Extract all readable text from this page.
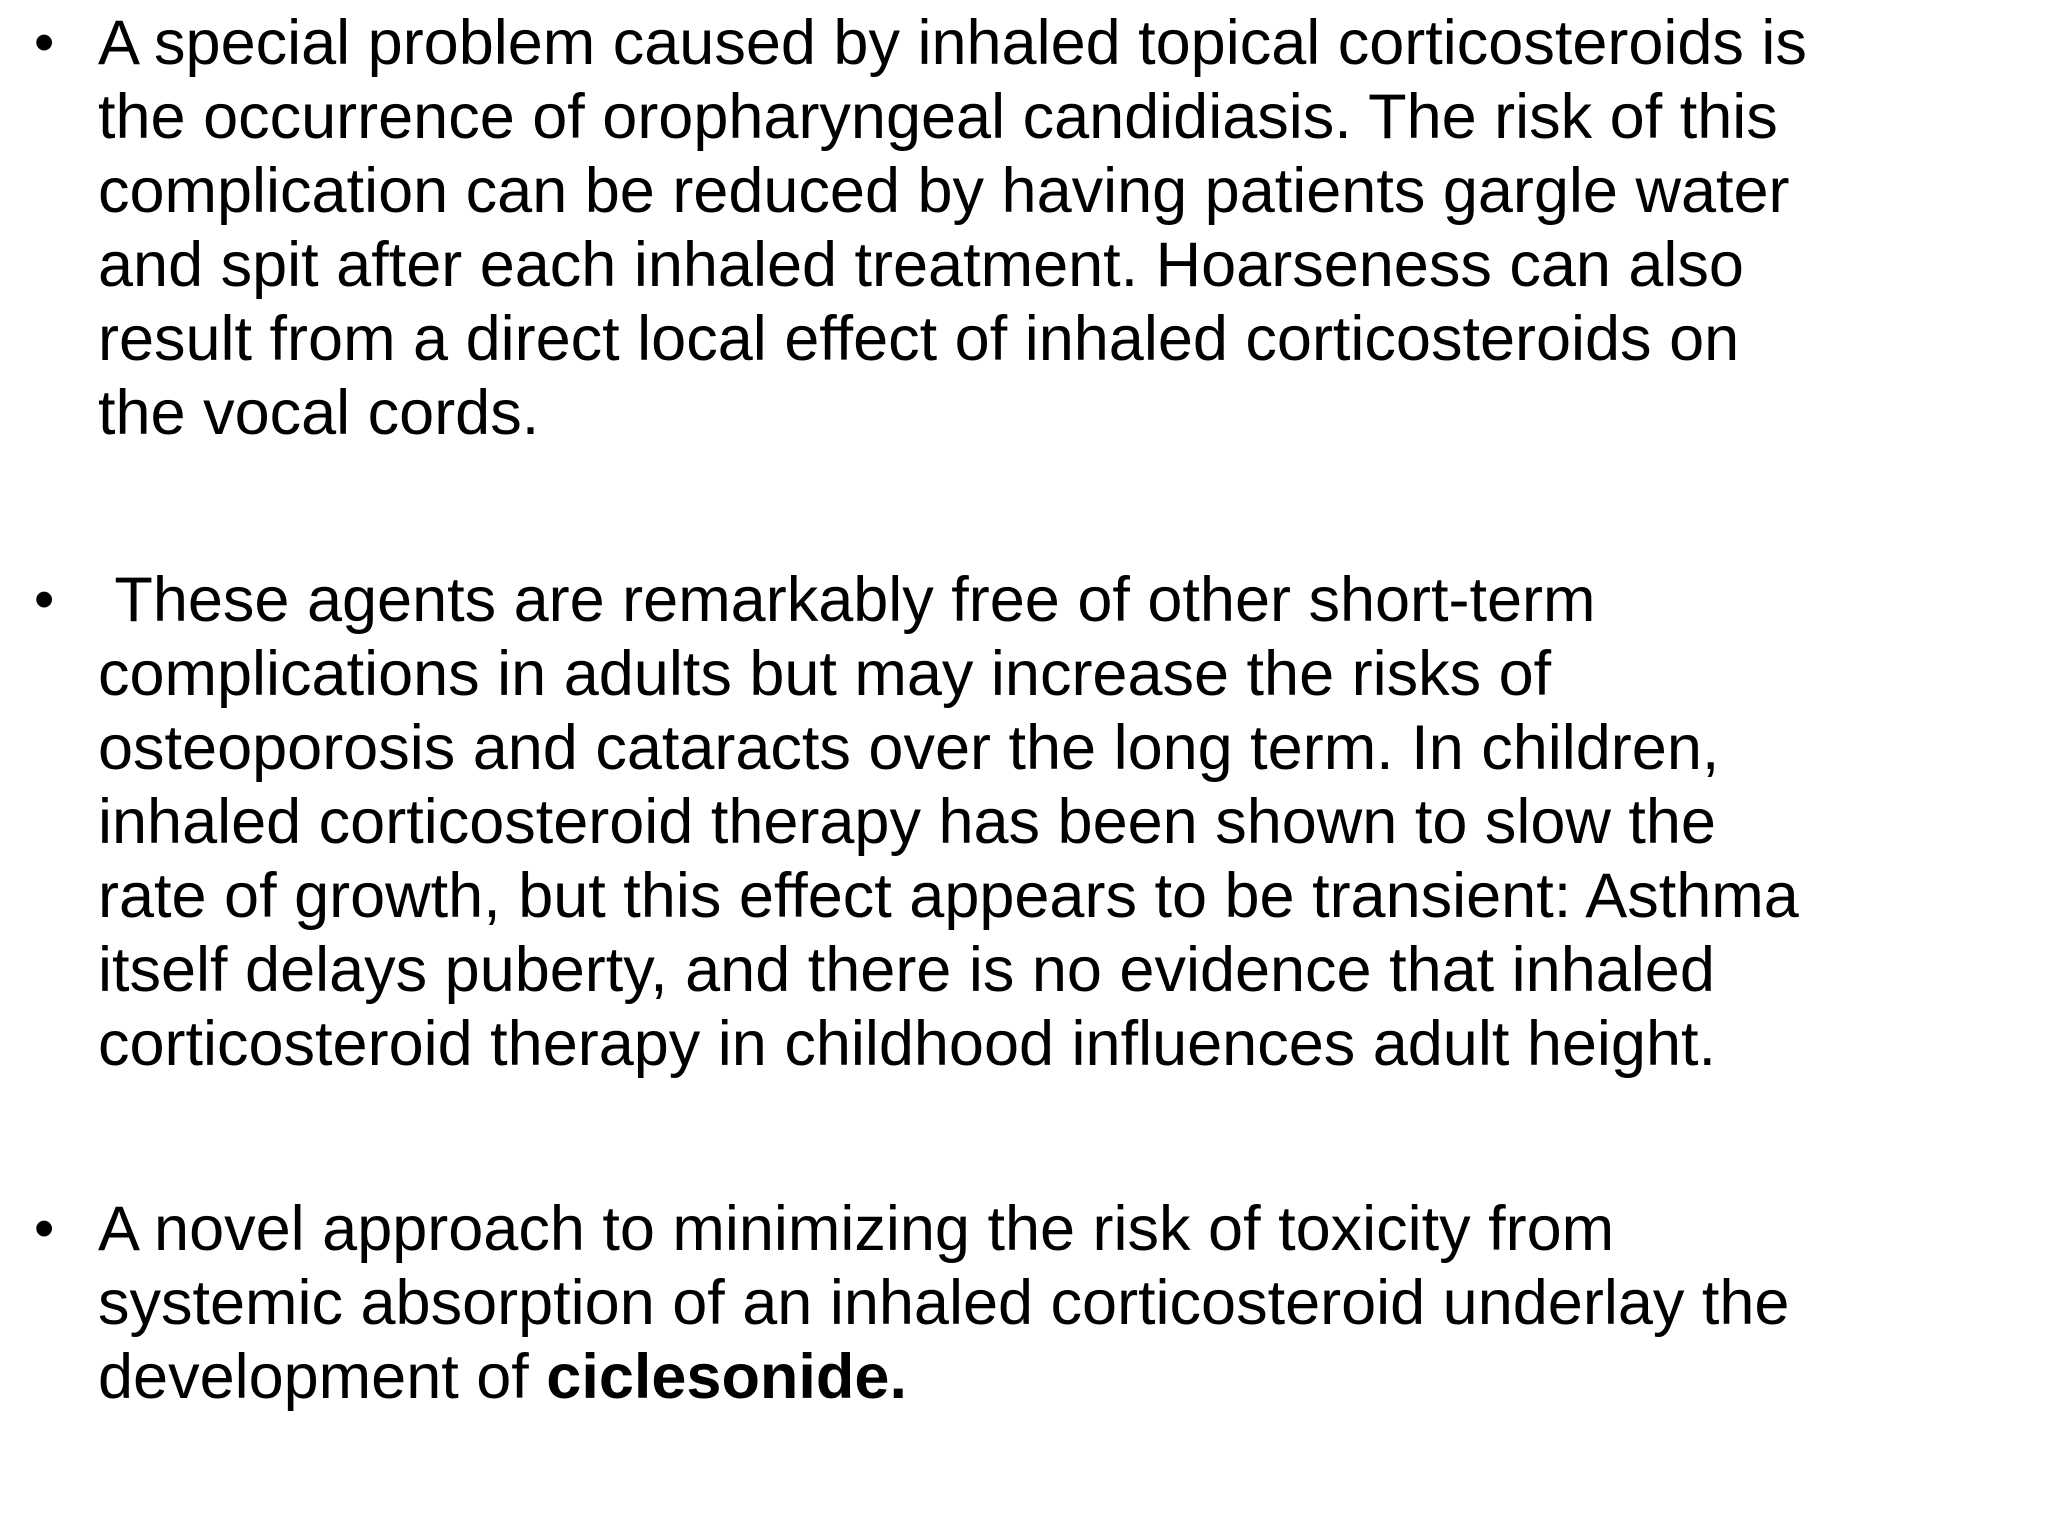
• A special problem caused by inhaled topical corticosteroids is
the occurrence of oropharyngeal candidiasis. The risk of this
complication can be reduced by having patients gargle water
and spit after each inhaled treatment. Hoarseness can also
result from a direct local effect of inhaled corticosteroids on
the vocal cords.
• These agents are remarkably free of other short-term
complications in adults but may increase the risks of
osteoporosis and cataracts over the long term. In children,
inhaled corticosteroid therapy has been shown to slow the
rate of growth, but this effect appears to be transient: Asthma
itself delays puberty, and there is no evidence that inhaled
corticosteroid therapy in childhood influences adult height.
• A novel approach to minimizing the risk of toxicity from
systemic absorption of an inhaled corticosteroid underlay the
development of ciclesonide.
